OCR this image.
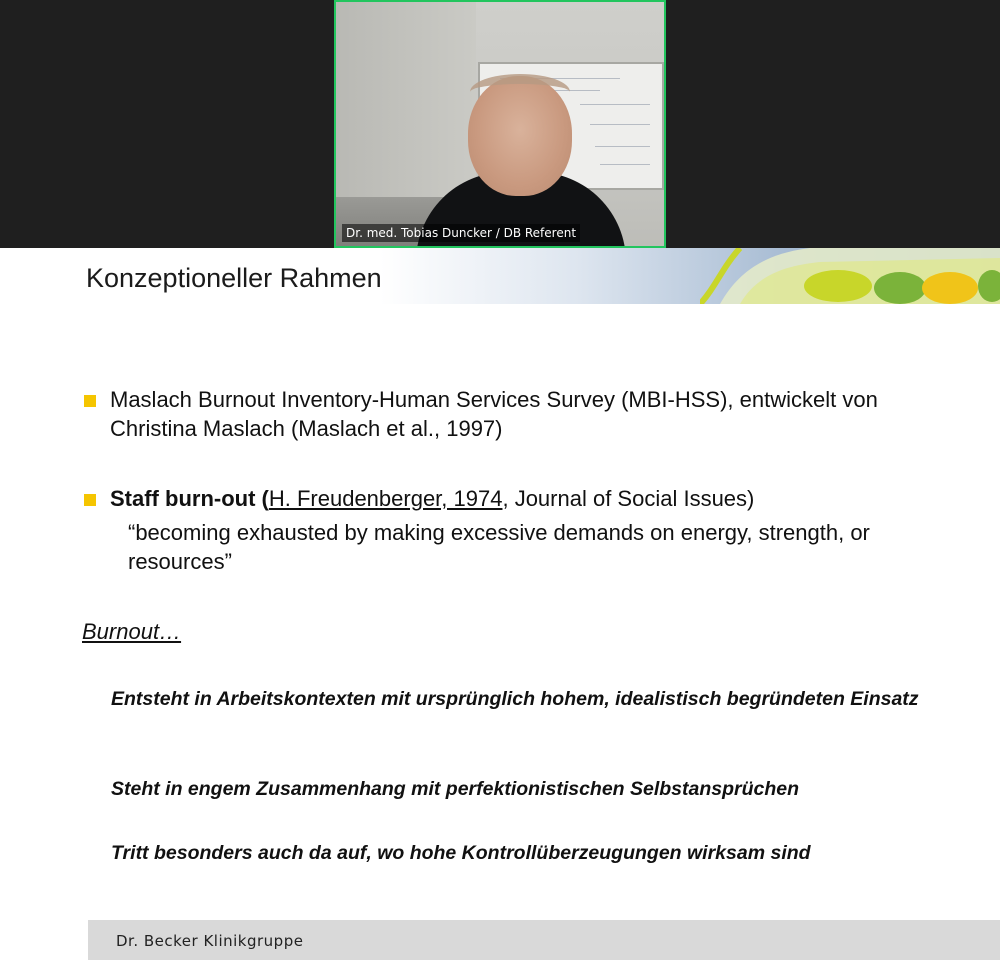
Dr. med. Tobias Duncker / DB Referent
Konzeptioneller Rahmen
Maslach Burnout Inventory-Human Services Survey (MBI-HSS), entwickelt von Christina Maslach (Maslach et al., 1997)
Staff burn-out (H. Freudenberger, 1974, Journal of Social Issues)
“becoming exhausted by making excessive demands on energy, strength, or resources”
Burnout…
Entsteht in Arbeitskontexten mit ursprünglich hohem, idealistisch begründeten Einsatz
Steht in engem Zusammenhang mit perfektionistischen Selbstansprüchen
Tritt besonders auch da auf, wo hohe Kontrollüberzeugungen wirksam sind
Dr. Becker Klinikgruppe
